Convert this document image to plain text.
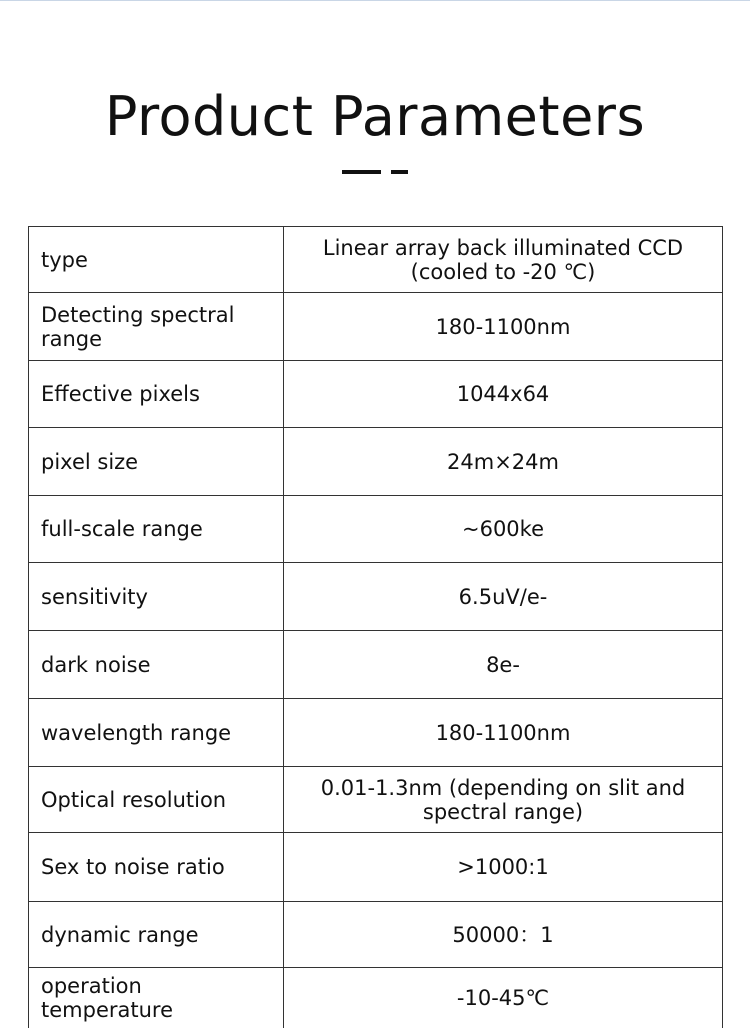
Product Parameters
type	Linear array back illuminated CCD (cooled to -20 ℃)
Detecting spectral range	180-1100nm
Effective pixels	1044x64
pixel size	24m×24m
full-scale range	~600ke
sensitivity	6.5uV/e-
dark noise	8e-
wavelength range	180-1100nm
Optical resolution	0.01-1.3nm (depending on slit and spectral range)
Sex to noise ratio	>1000:1
dynamic range	50000：1
operation temperature	-10-45℃
